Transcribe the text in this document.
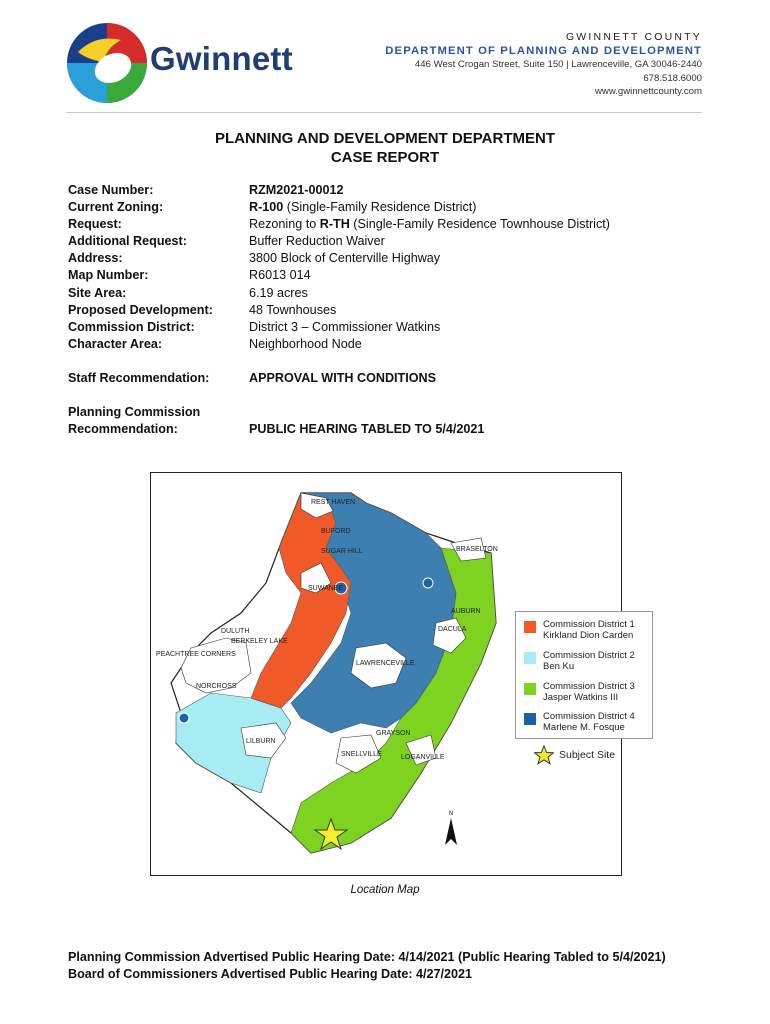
Gwinnett
GWINNETT COUNTY
DEPARTMENT OF PLANNING AND DEVELOPMENT
446 West Crogan Street, Suite 150 | Lawrenceville, GA 30046-2440
678.518.6000
www.gwinnettcounty.com
PLANNING AND DEVELOPMENT DEPARTMENT
CASE REPORT
Case Number:	RZM2021-00012
Current Zoning:	R-100 (Single-Family Residence District)
Request:	Rezoning to R-TH (Single-Family Residence Townhouse District)
Additional Request:	Buffer Reduction Waiver
Address:	3800 Block of Centerville Highway
Map Number:	R6013 014
Site Area:	6.19 acres
Proposed Development:	48 Townhouses
Commission District:	District 3 – Commissioner Watkins
Character Area:	Neighborhood Node
Staff Recommendation:	APPROVAL WITH CONDITIONS
Planning Commission
Recommendation:	PUBLIC HEARING TABLED TO 5/4/2021
REST HAVEN
BUFORD
SUGAR HILL	BRASELTON
SUWANEE
DULUTH
BERKELEY LAKE
PEACHTREE CORNERS
NORCROSS
DACULA
LAWRENCEVILLE
AUBURN
LILBURN
GRAYSON
SNELLVILLE	LOGANVILLE
N
Commission District 1
Kirkland Dion Carden
Commission District 2
Ben Ku
Commission District 3
Jasper Watkins III
Commission District 4
Marlene M. Fosque
Subject Site
Location Map
Planning Commission Advertised Public Hearing Date: 4/14/2021 (Public Hearing Tabled to 5/4/2021)
Board of Commissioners Advertised Public Hearing Date: 4/27/2021
